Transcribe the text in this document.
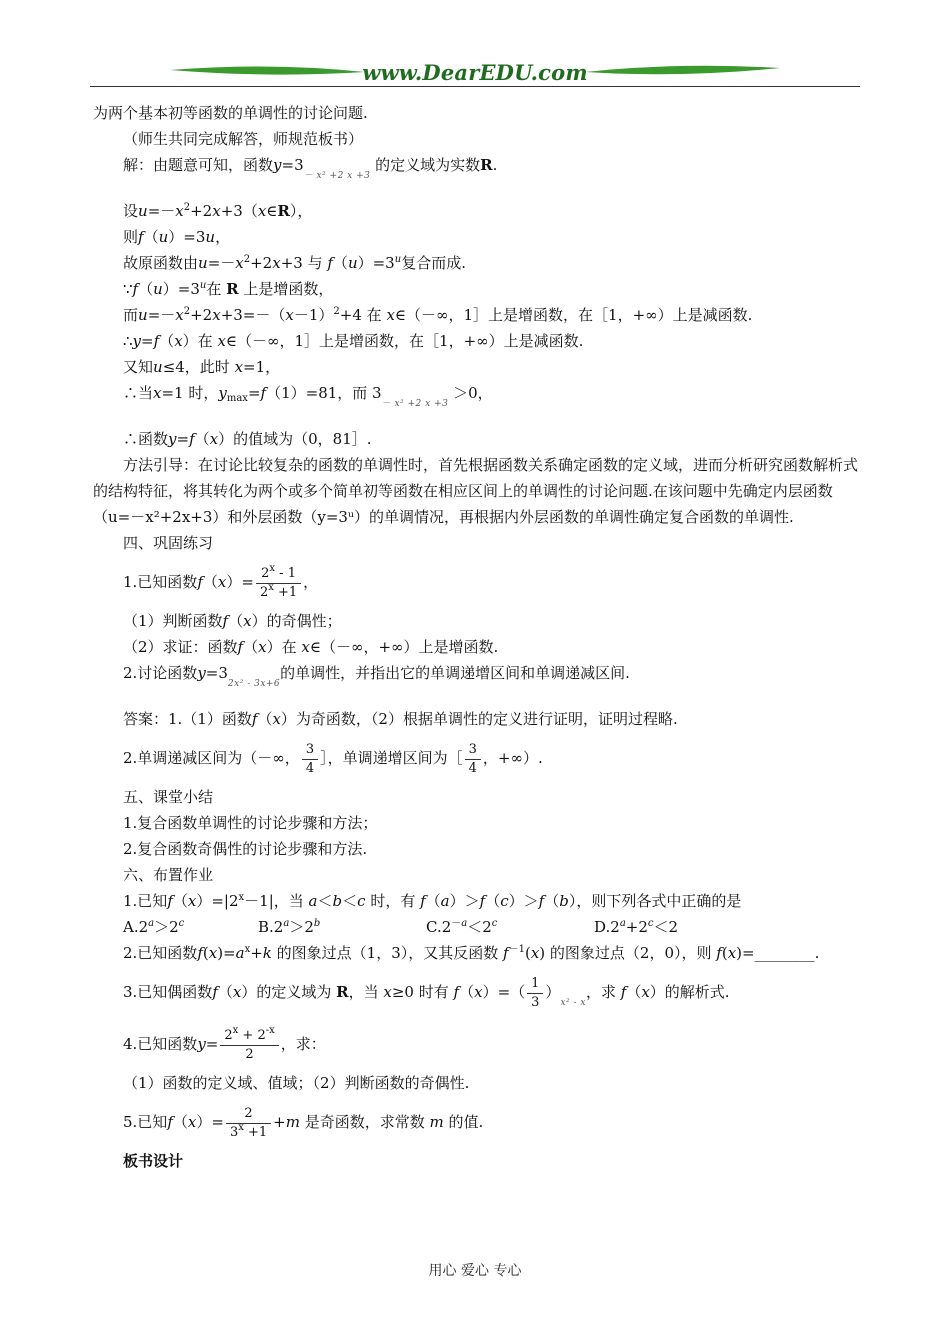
www.DearEDU.com
为两个基本初等函数的单调性的讨论问题.
（师生共同完成解答，师规范板书）
解：由题意可知，函数$y=3_{- x^2 +2 x +3}$ 的定义域为实数R.
设$u=-x^2+2x+3(x\in R)$，
则f（u）=3u，
故原函数由$u=-x^2+2x+3$ 与 $f(u)=3^u$复合而成.
$\because f(u)=3^u$在 R 上是增函数，
而$u=-x^2+2x+3=-(x-1)^2+4$ 在 x∈（－∞，1］上是增函数，在［1，+∞）上是减函数.
∴y=f（x）在 x∈（－∞，1］上是增函数，在［1，+∞）上是减函数.
又知u≤4，此时 x=1，
∴当x=1 时，$y_{max}=f(1)=81$，而 $3_{- x^2 +2 x +3} >0$，
∴函数y=f（x）的值域为（0，81］.
方法引导：在讨论比较复杂的函数的单调性时，首先根据函数关系确定函数的定义域，进而分析研究函数解析式的结构特征，将其转化为两个或多个简单初等函数在相应区间上的单调性的讨论问题.在该问题中先确定内层函数（u=－x²+2x+3）和外层函数（y=3ᵘ）的单调情况，再根据内外层函数的单调性确定复合函数的单调性.
四、巩固练习
1.已知函数$f(x)= \frac{2^x - 1}{2^x +1}$ ，
（1）判断函数f（x）的奇偶性；
（2）求证：函数f（x）在 x∈（－∞，+∞）上是增函数.
2.讨论函数$y=3_{2x^2 - 3x+6}$的单调性，并指出它的单调递增区间和单调递减区间.
答案：1.（1）函数f（x）为奇函数，（2）根据单调性的定义进行证明，证明过程略.
2.单调递减区间为（－∞， $\frac{3}{4}$ ］，单调递增区间为［ $\frac{3}{4}$ ，+∞）.
五、课堂小结
1.复合函数单调性的讨论步骤和方法；
2.复合函数奇偶性的讨论步骤和方法.
六、布置作业
1.已知$f(x)=|2^x-1|$，当 a＜b＜c 时，有 f（a）＞f（c）＞f（b），则下列各式中正确的是
$A.2^a>2^c$	$B.2^a>2^b$	$C.2^{-a}<2^c$	$D.2^a+2^c<2$
2.已知函数$f(x)=a^x+k$ 的图象过点（1，3），又其反函数 $f^{-1}(x)$ 的图象过点（2，0），则 f(x)=________.
3.已知偶函数f（x）的定义域为 R，当 x≥0 时有 $f(x)=( \frac{1}{3} )_{x^2 - x}$，求 f（x）的解析式.
4.已知函数$y= \frac{2^x + 2^{-x}}{2}$ ，求：
（1）函数的定义域、值域；（2）判断函数的奇偶性.
5.已知$f(x)= \frac{2}{3^x +1} +m$ 是奇函数，求常数 m 的值.
板书设计
用心 爱心 专心
